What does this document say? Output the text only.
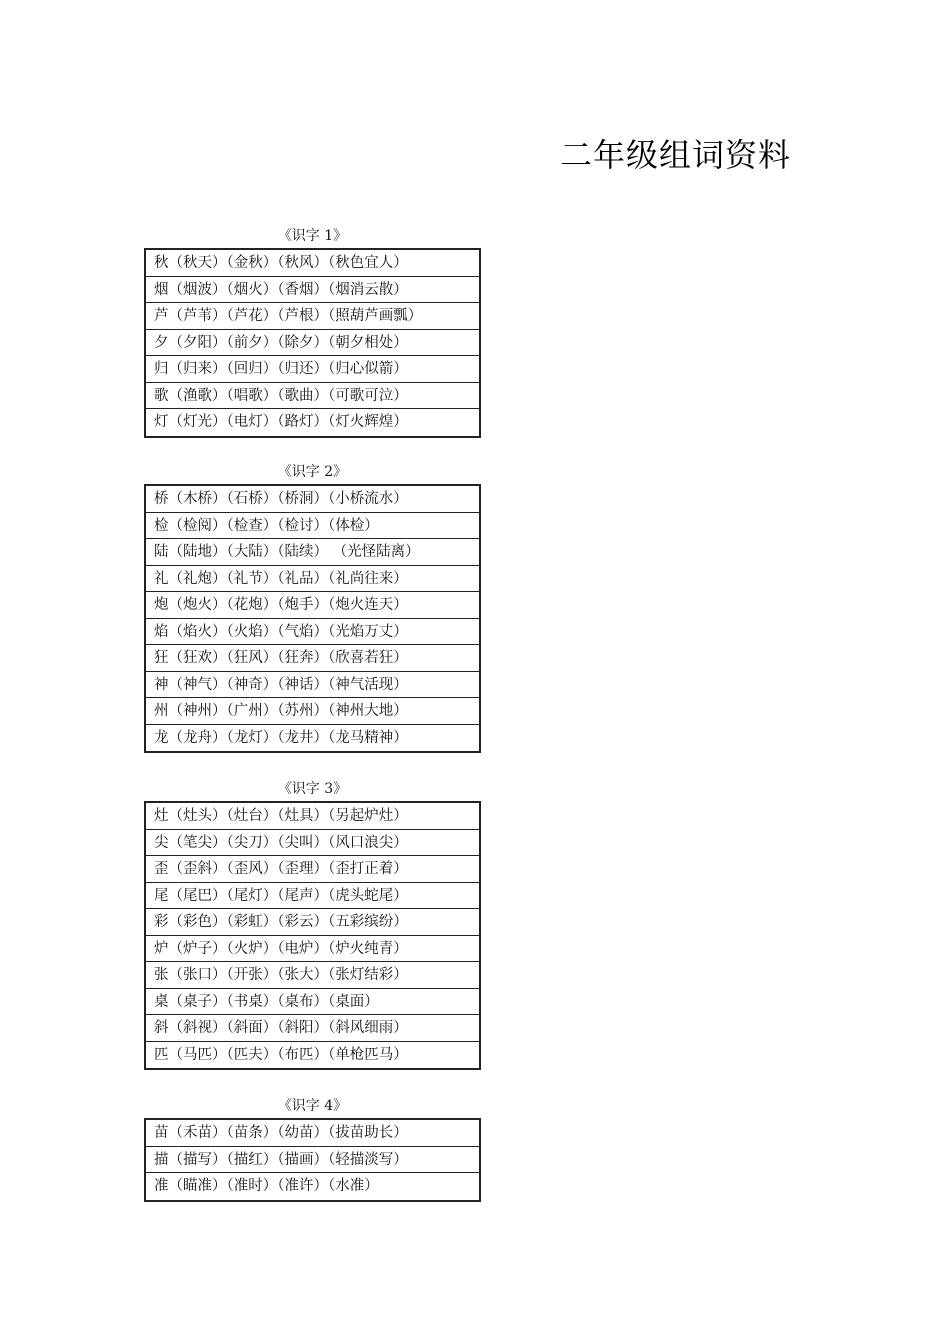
二年级组词资料
《识字 1》
秋（秋天）（金秋）（秋风）（秋色宜人）
烟（烟波）（烟火）（香烟）（烟消云散）
芦（芦苇）（芦花）（芦根）（照葫芦画瓢）
夕（夕阳）（前夕）（除夕）（朝夕相处）
归（归来）（回归）（归还）（归心似箭）
歌（渔歌）（唱歌）（歌曲）（可歌可泣）
灯（灯光）（电灯）（路灯）（灯火辉煌）
《识字 2》
桥（木桥）（石桥）（桥洞）（小桥流水）
检（检阅）（检查）（检讨）（体检）
陆（陆地）（大陆）（陆续） （光怪陆离）
礼（礼炮）（礼节）（礼品）（礼尚往来）
炮（炮火）（花炮）（炮手）（炮火连天）
焰（焰火）（火焰）（气焰）（光焰万丈）
狂（狂欢）（狂风）（狂奔）（欣喜若狂）
神（神气）（神奇）（神话）（神气活现）
州（神州）（广州）（苏州）（神州大地）
龙（龙舟）（龙灯）（龙井）（龙马精神）
《识字 3》
灶（灶头）（灶台）（灶具）（另起炉灶）
尖（笔尖）（尖刀）（尖叫）（风口浪尖）
歪（歪斜）（歪风）（歪理）（歪打正着）
尾（尾巴）（尾灯）（尾声）（虎头蛇尾）
彩（彩色）（彩虹）（彩云）（五彩缤纷）
炉（炉子）（火炉）（电炉）（炉火纯青）
张（张口）（开张）（张大）（张灯结彩）
桌（桌子）（书桌）（桌布）（桌面）
斜（斜视）（斜面）（斜阳）（斜风细雨）
匹（马匹）（匹夫）（布匹）（单枪匹马）
《识字 4》
苗（禾苗）（苗条）（幼苗）（拔苗助长）
描（描写）（描红）（描画）（轻描淡写）
准（瞄准）（准时）（准许）（水准）
